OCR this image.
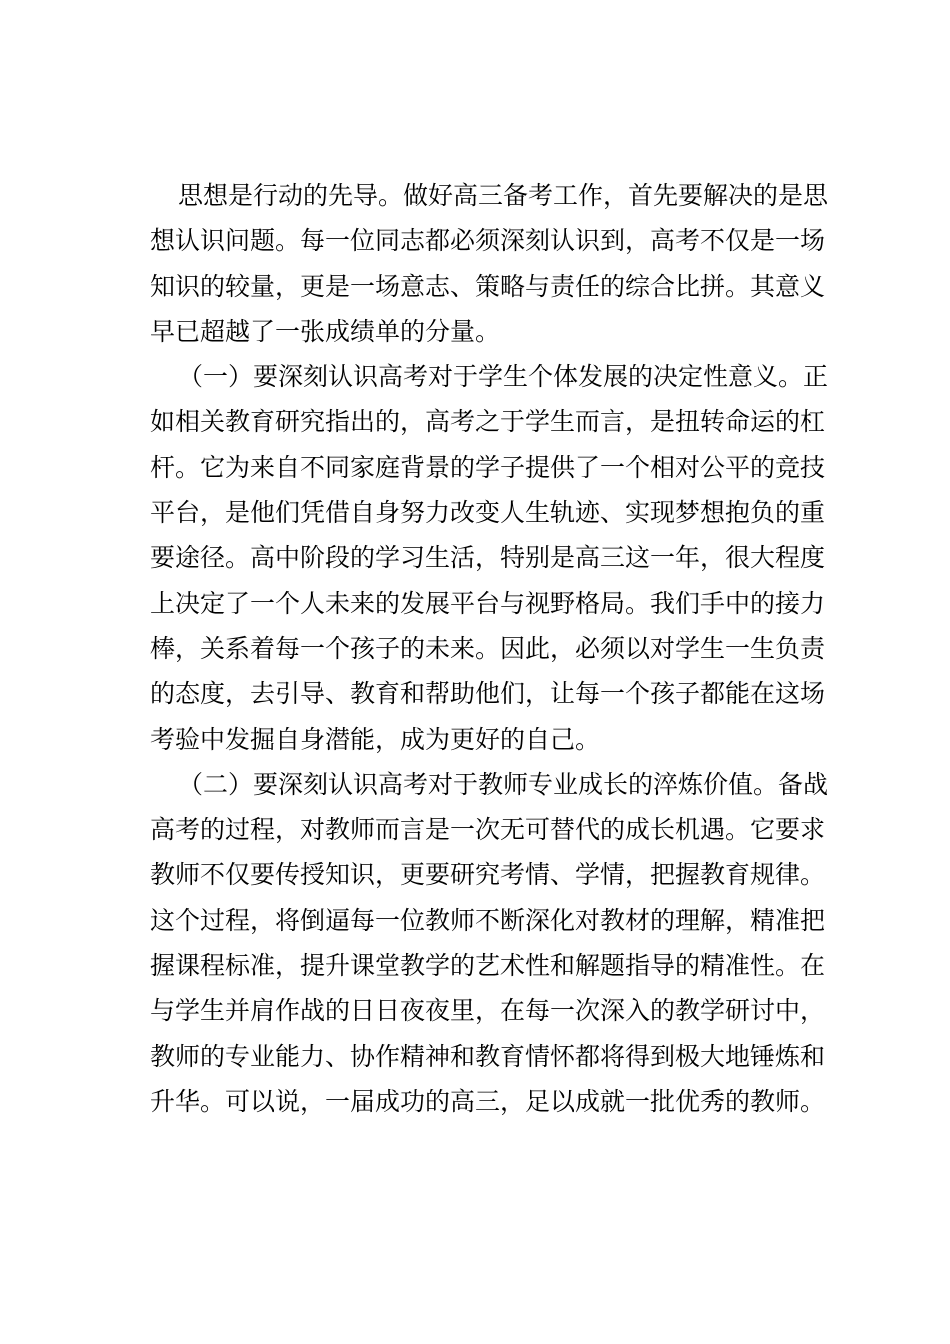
思想是行动的先导。做好高三备考工作，首先要解决的是思
想认识问题。每一位同志都必须深刻认识到，高考不仅是一场
知识的较量，更是一场意志、策略与责任的综合比拼。其意义
早已超越了一张成绩单的分量。
（一）要深刻认识高考对于学生个体发展的决定性意义。正
如相关教育研究指出的，高考之于学生而言，是扭转命运的杠
杆。它为来自不同家庭背景的学子提供了一个相对公平的竞技
平台，是他们凭借自身努力改变人生轨迹、实现梦想抱负的重
要途径。高中阶段的学习生活，特别是高三这一年，很大程度
上决定了一个人未来的发展平台与视野格局。我们手中的接力
棒，关系着每一个孩子的未来。因此，必须以对学生一生负责
的态度，去引导、教育和帮助他们，让每一个孩子都能在这场
考验中发掘自身潜能，成为更好的自己。
（二）要深刻认识高考对于教师专业成长的淬炼价值。备战
高考的过程，对教师而言是一次无可替代的成长机遇。它要求
教师不仅要传授知识，更要研究考情、学情，把握教育规律。
这个过程，将倒逼每一位教师不断深化对教材的理解，精准把
握课程标准，提升课堂教学的艺术性和解题指导的精准性。在
与学生并肩作战的日日夜夜里，在每一次深入的教学研讨中，
教师的专业能力、协作精神和教育情怀都将得到极大地锤炼和
升华。可以说，一届成功的高三，足以成就一批优秀的教师。
